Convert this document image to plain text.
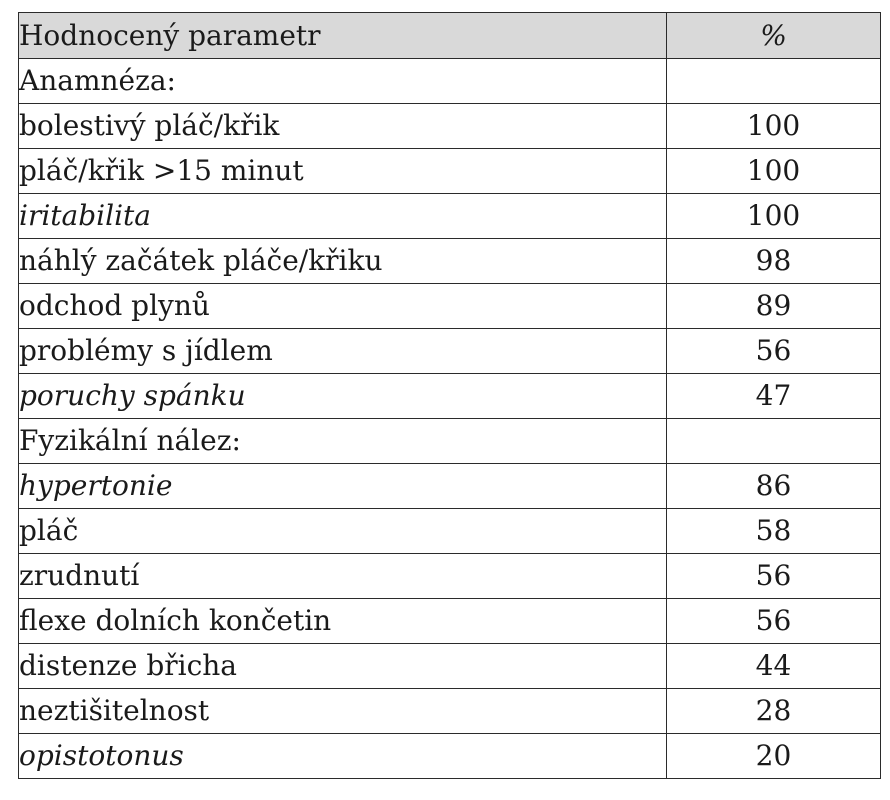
Hodnocený parametr	%
Anamnéza:	
bolestivý pláč/křik	100
pláč/křik >15 minut	100
iritabilita	100
náhlý začátek pláče/křiku	98
odchod plynů	89
problémy s jídlem	56
poruchy spánku	47
Fyzikální nález:	
hypertonie	86
pláč	58
zrudnutí	56
flexe dolních končetin	56
distenze břicha	44
neztišitelnost	28
opistotonus	20
